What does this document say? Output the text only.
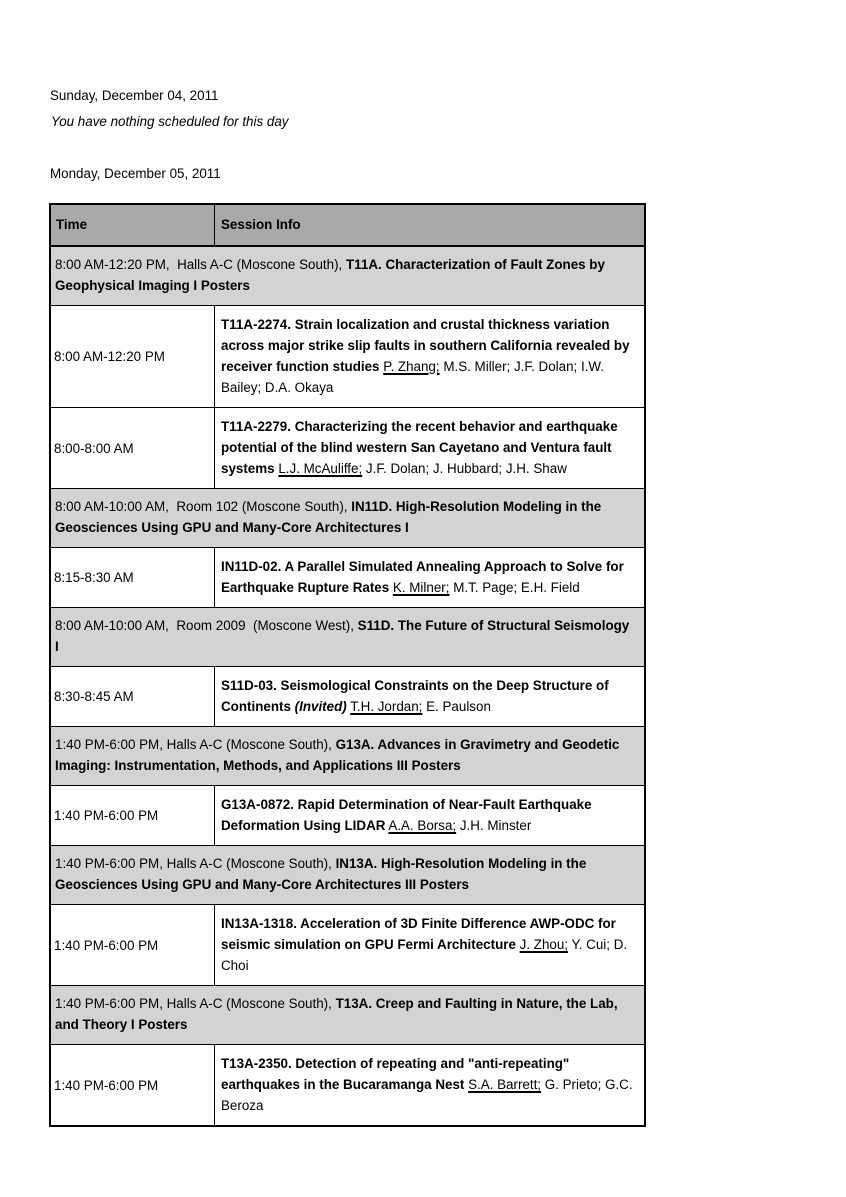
Sunday, December 04, 2011
You have nothing scheduled for this day
Monday, December 05, 2011
Time	Session Info
8:00 AM-12:20 PM,  Halls A-C (Moscone South), T11A. Characterization of Fault Zones by Geophysical Imaging I Posters	
8:00 AM-12:20 PM	T11A-2274. Strain localization and crustal thickness variation across major strike slip faults in southern California revealed by receiver function studies P. Zhang; M.S. Miller; J.F. Dolan; I.W. Bailey; D.A. Okaya
8:00-8:00 AM	T11A-2279. Characterizing the recent behavior and earthquake potential of the blind western San Cayetano and Ventura fault systems L.J. McAuliffe; J.F. Dolan; J. Hubbard; J.H. Shaw
8:00 AM-10:00 AM,  Room 102 (Moscone South), IN11D. High-Resolution Modeling in the Geosciences Using GPU and Many-Core Architectures I	
8:15-8:30 AM	IN11D-02. A Parallel Simulated Annealing Approach to Solve for Earthquake Rupture Rates K. Milner; M.T. Page; E.H. Field
8:00 AM-10:00 AM,  Room 2009  (Moscone West), S11D. The Future of Structural Seismology I	
8:30-8:45 AM	S11D-03. Seismological Constraints on the Deep Structure of Continents (Invited) T.H. Jordan; E. Paulson
1:40 PM-6:00 PM, Halls A-C (Moscone South), G13A. Advances in Gravimetry and Geodetic Imaging: Instrumentation, Methods, and Applications III Posters	
1:40 PM-6:00 PM	G13A-0872. Rapid Determination of Near-Fault Earthquake Deformation Using LIDAR A.A. Borsa; J.H. Minster
1:40 PM-6:00 PM, Halls A-C (Moscone South), IN13A. High-Resolution Modeling in the Geosciences Using GPU and Many-Core Architectures III Posters	
1:40 PM-6:00 PM	IN13A-1318. Acceleration of 3D Finite Difference AWP-ODC for seismic simulation on GPU Fermi Architecture J. Zhou; Y. Cui; D. Choi
1:40 PM-6:00 PM, Halls A-C (Moscone South), T13A. Creep and Faulting in Nature, the Lab, and Theory I Posters	
1:40 PM-6:00 PM	T13A-2350. Detection of repeating and "anti-repeating" earthquakes in the Bucaramanga Nest S.A. Barrett; G. Prieto; G.C. Beroza
